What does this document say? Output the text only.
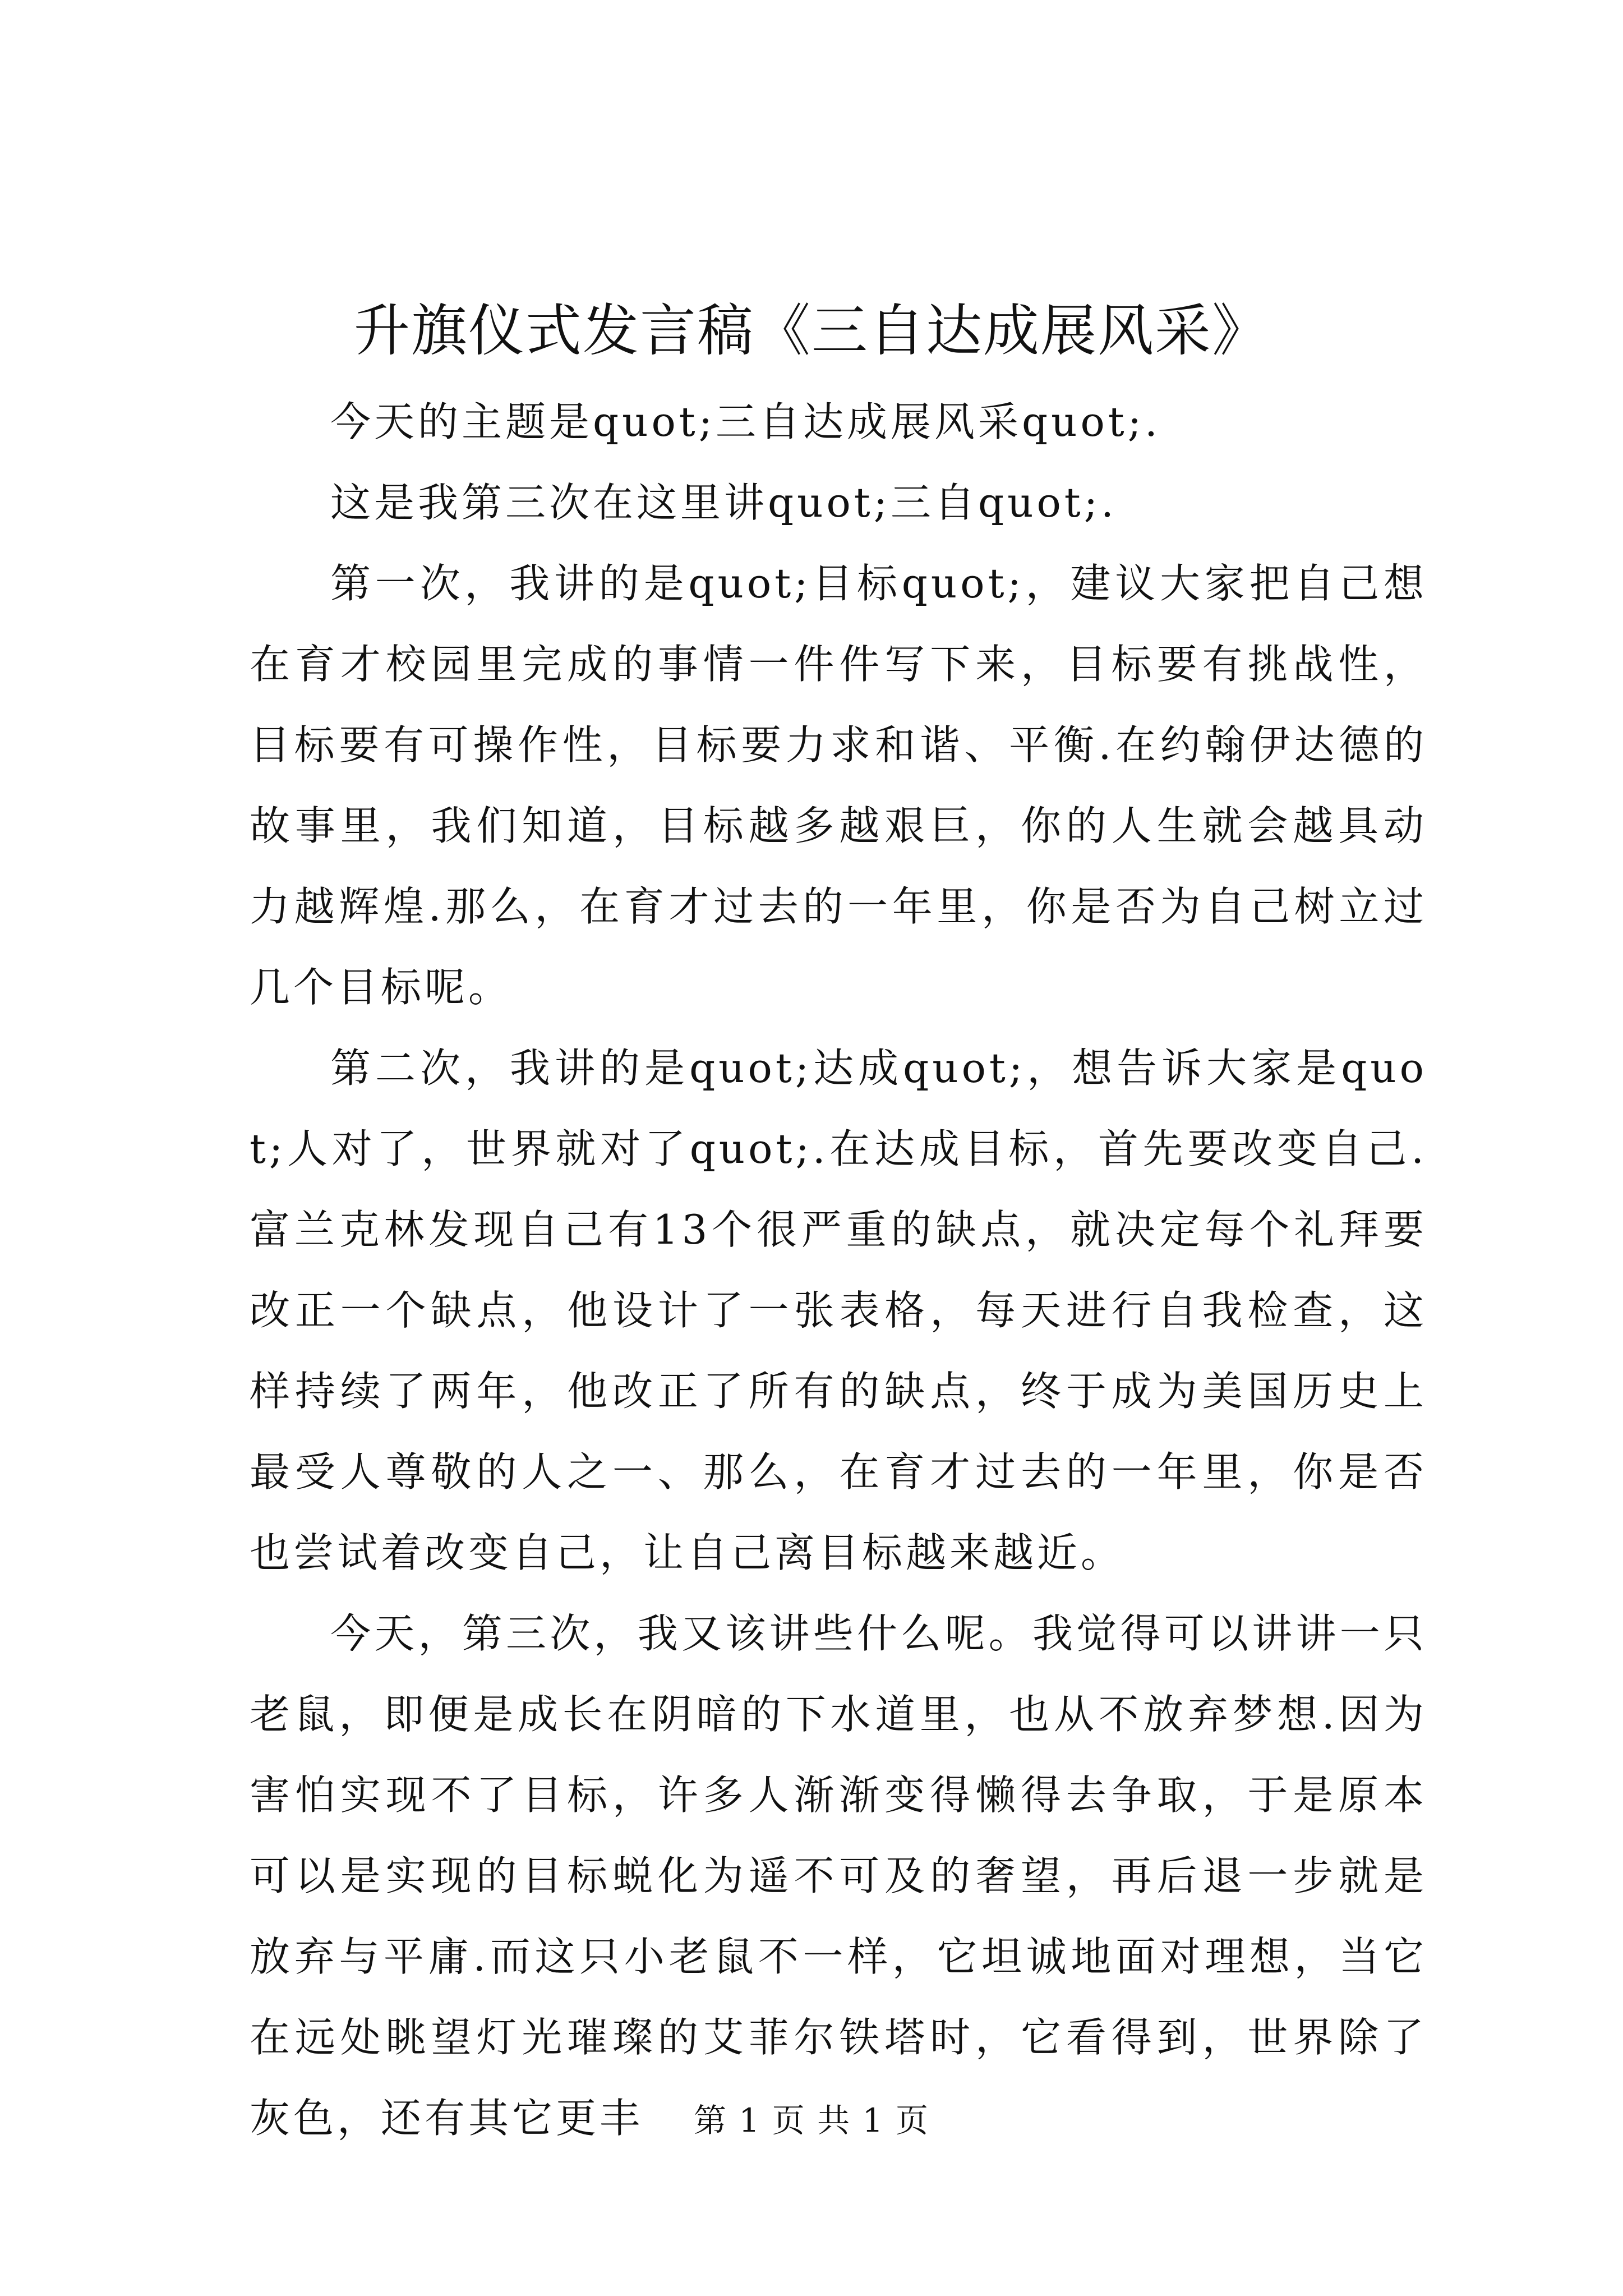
升旗仪式发言稿《三自达成展风采》

今天的主题是quot;三自达成展风采quot;.

这是我第三次在这里讲quot;三自quot;.

第一次，我讲的是quot;目标quot;，建议大家把自己想在育才校园里完成的事情一件件写下来，目标要有挑战性，目标要有可操作性，目标要力求和谐、平衡.在约翰伊达德的故事里，我们知道，目标越多越艰巨，你的人生就会越具动力越辉煌.那么，在育才过去的一年里，你是否为自己树立过几个目标呢。

第二次，我讲的是quot;达成quot;，想告诉大家是quot;人对了，世界就对了quot;.在达成目标，首先要改变自己.富兰克林发现自己有13个很严重的缺点，就决定每个礼拜要改正一个缺点，他设计了一张表格，每天进行自我检查，这样持续了两年，他改正了所有的缺点，终于成为美国历史上最受人尊敬的人之一、那么，在育才过去的一年里，你是否也尝试着改变自己，让自己离目标越来越近。

今天，第三次，我又该讲些什么呢。我觉得可以讲讲一只老鼠，即便是成长在阴暗的下水道里，也从不放弃梦想.因为害怕实现不了目标，许多人渐渐变得懒得去争取，于是原本可以是实现的目标蜕化为遥不可及的奢望，再后退一步就是放弃与平庸.而这只小老鼠不一样，它坦诚地面对理想，当它在远处眺望灯光璀璨的艾菲尔铁塔时，它看得到，世界除了灰色，还有其它更丰	第 1 页 共 1 页
